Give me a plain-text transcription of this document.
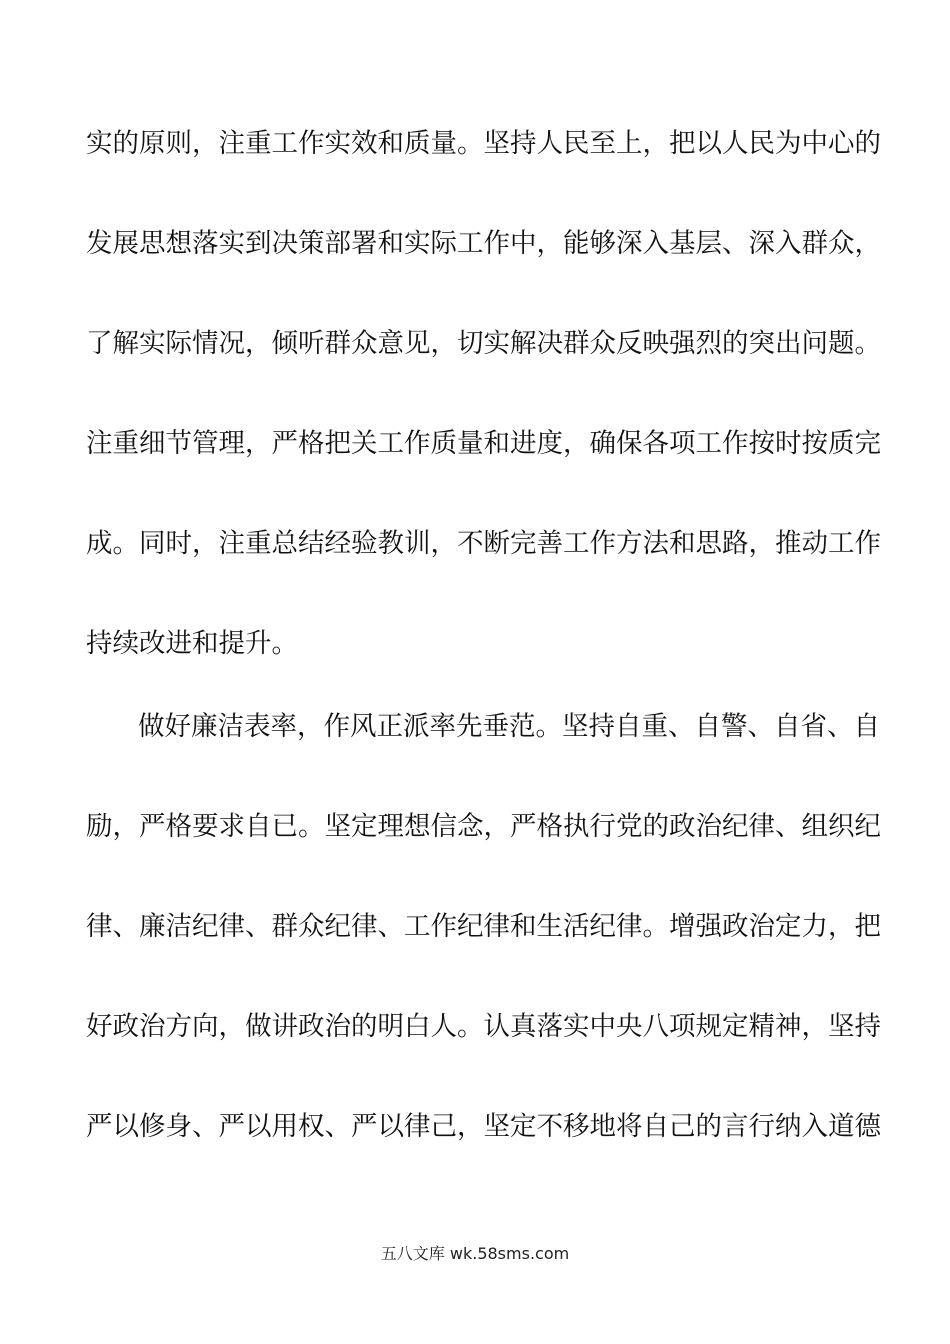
实的原则，注重工作实效和质量。坚持人民至上，把以人民为中心的
发展思想落实到决策部署和实际工作中，能够深入基层、深入群众，
了解实际情况，倾听群众意见，切实解决群众反映强烈的突出问题。
注重细节管理，严格把关工作质量和进度，确保各项工作按时按质完
成。同时，注重总结经验教训，不断完善工作方法和思路，推动工作
持续改进和提升。
做好廉洁表率，作风正派率先垂范。坚持自重、自警、自省、自
励，严格要求自已。坚定理想信念，严格执行党的政治纪律、组织纪
律、廉洁纪律、群众纪律、工作纪律和生活纪律。增强政治定力，把
好政治方向，做讲政治的明白人。认真落实中央八项规定精神，坚持
严以修身、严以用权、严以律己，坚定不移地将自己的言行纳入道德
五八文库 wk.58sms.com
